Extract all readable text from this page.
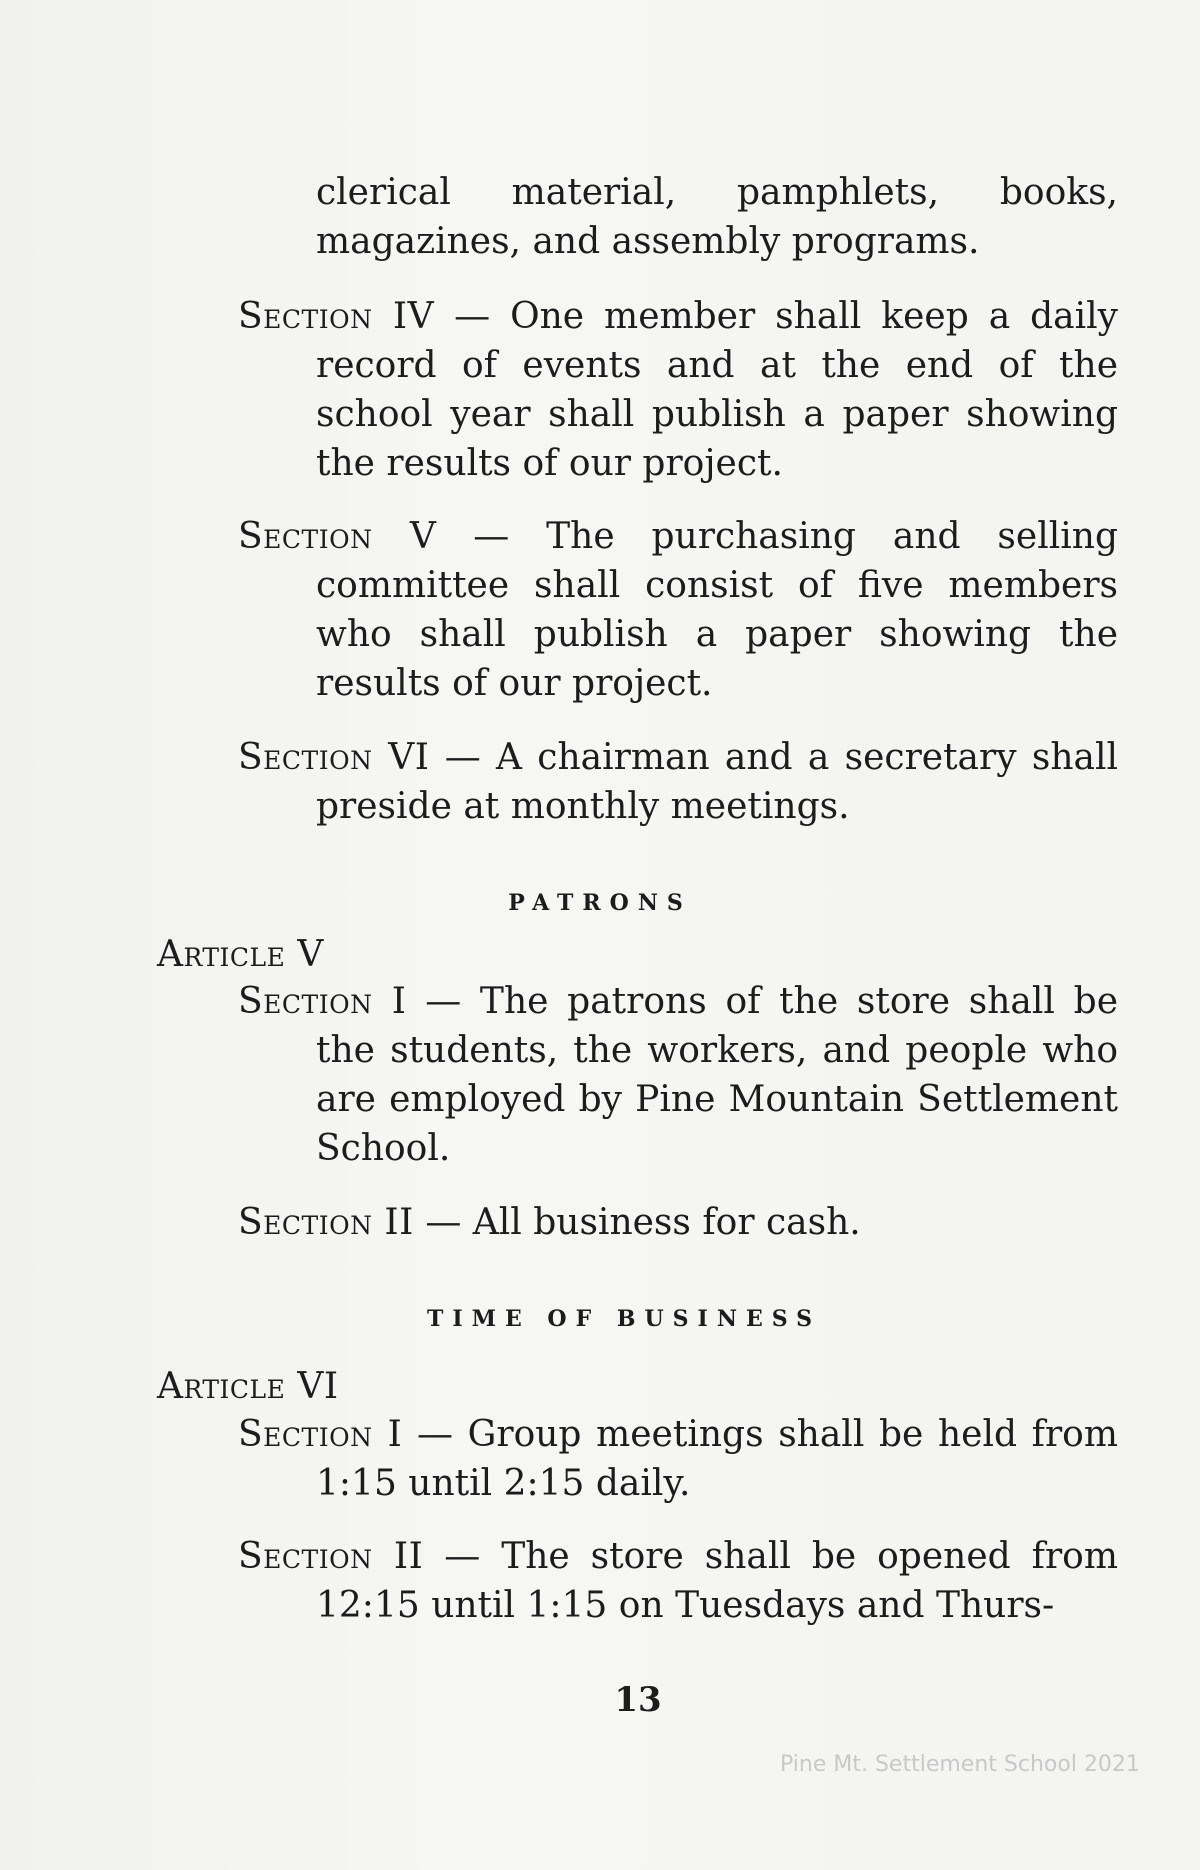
clerical material, pamphlets, books, magazines, and assembly programs.
Section IV — One member shall keep a daily record of events and at the end of the school year shall publish a paper showing the results of our project.
Section V — The purchasing and selling committee shall consist of five members who shall publish a paper showing the results of our project.
Section VI — A chairman and a secretary shall preside at monthly meetings.
PATRONS
Article V
Section I — The patrons of the store shall be the students, the workers, and people who are employed by Pine Mountain Settlement School.
Section II — All business for cash.
TIME OF BUSINESS
Article VI
Section I — Group meetings shall be held from 1:15 until 2:15 daily.
Section II — The store shall be opened from 12:15 until 1:15 on Tuesdays and Thurs-
13
Pine Mt. Settlement School 2021
